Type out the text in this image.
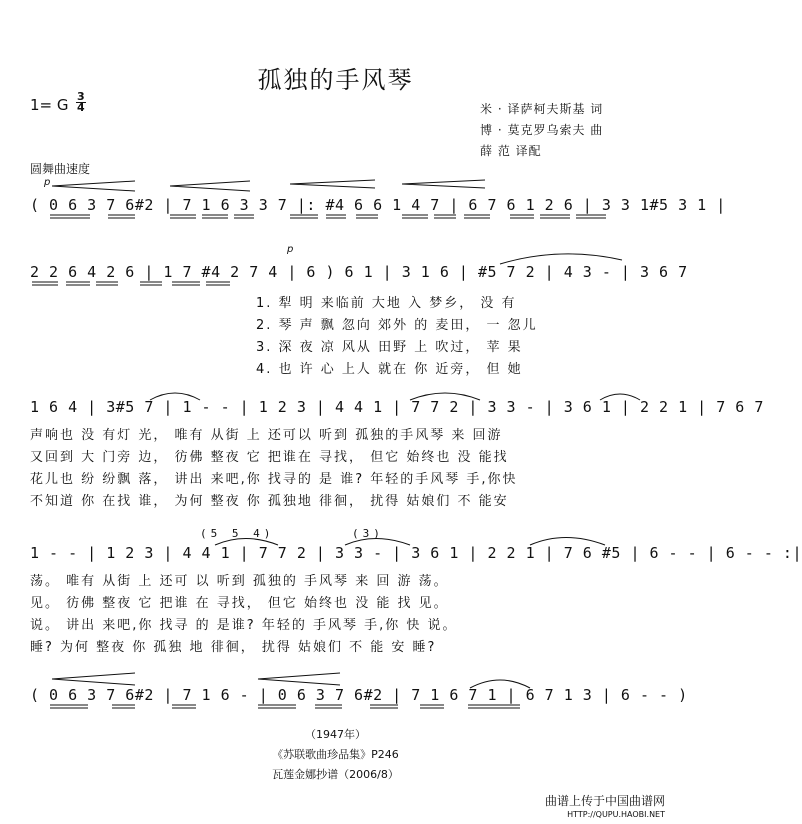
孤独的手风琴
1= G $\frac{3}{4}$	米 · 译萨柯夫斯基 词
博 · 莫克罗乌索夫 曲
薛 范 译配
圆舞曲速度
p
p
( 0 6 3 7 6#2 | 7 1 6 3 3 7 |: #4 6 6 1 4 7 | 6 7 6 1 2 6 | 3 3 1#5 3 1 |
2 2 6 4 2 6 | 1 7 #4 2 7 4 | 6 ) 6 1 | 3 1 6 | #5 7 2 | 4 3 - | 3 6 7
1. 犁 明 来临前 大地 入 梦乡， 没 有
2. 琴 声 飘 忽向 郊外 的 麦田， 一 忽儿
3. 深 夜 凉 风从 田野 上 吹过， 苹 果
4. 也 许 心 上人 就在 你 近旁， 但 她
1 6 4 | 3#5 7 | 1 - - | 1 2 3 | 4 4 1 | 7 7 2 | 3 3 - | 3 6 1 | 2 2 1 | 7 6 7
声响也 没 有灯 光， 唯有 从街 上 还可以 听到 孤独的手风琴 来 回游
又回到 大 门旁 边， 彷佛 整夜 它 把谁在 寻找， 但它 始终也 没 能找
花儿也 纷 纷飘 落， 讲出 来吧,你 找寻的 是 谁? 年轻的手风琴 手,你快
不知道 你 在找 谁， 为何 整夜 你 孤独地 徘徊， 扰得 姑娘们 不 能安
(5 5 4)	(3)
1 - - | 1 2 3 | 4 4 1 | 7 7 2 | 3 3 - | 3 6 1 | 2 2 1 | 7 6 #5 | 6 - - | 6 - - :|
荡。 唯有 从街 上 还可 以 听到 孤独的 手风琴 来 回 游 荡。
见。 彷佛 整夜 它 把谁 在 寻找， 但它 始终也 没 能 找 见。
说。 讲出 来吧,你 找寻 的 是谁? 年轻的 手风琴 手,你 快 说。
睡? 为何 整夜 你 孤独 地 徘徊， 扰得 姑娘们 不 能 安 睡?
( 0 6 3 7 6#2 | 7 1 6 - | 0 6 3 7 6#2 | 7 1 6 7 1 | 6 7 1 3 | 6 - - )
（1947年）
《苏联歌曲珍品集》P246
瓦莲金娜抄谱（2006/8）
曲谱上传于中国曲谱网
HTTP://QUPU.HAOBI.NET
